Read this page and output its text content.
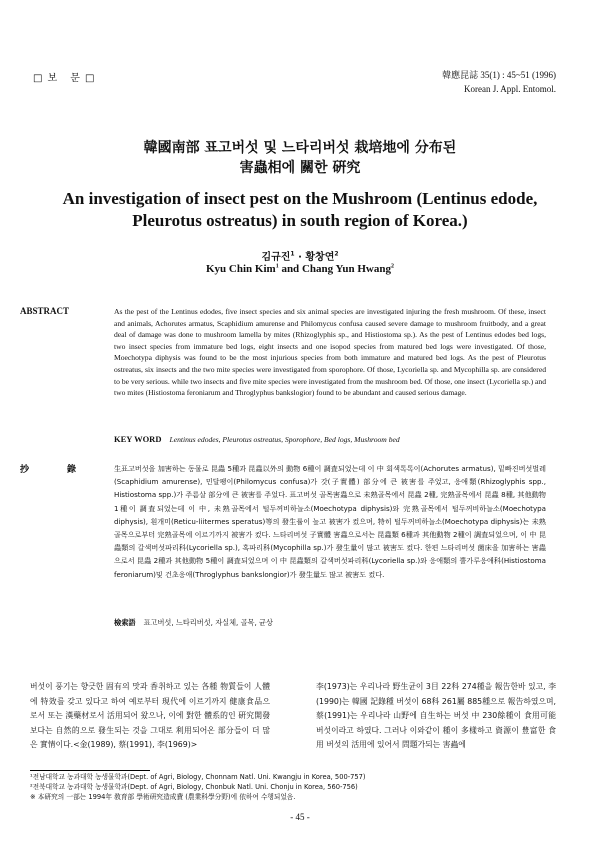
□보 문□	韓應昆誌 35(1) : 45~51 (1996)
Korean J. Appl. Entomol.
韓國南部 표고버섯 및 느타리버섯 栽培地에 分布된
害蟲相에 關한 硏究
An investigation of insect pest on the Mushroom (Lentinus edode,
Pleurotus ostreatus) in south region of Korea.)
김규진$^1$ · 황창연$^2$
Kyu Chin Kim$^1$ and Chang Yun Hwang$^2$
ABSTRACT	As the pest of the Lentinus edodes, five insect species and six animal species are investigated injuring the fresh mushroom. Of these, insect and animals, Achorutes armatus, Scaphidium amurense and Philomycus confusa caused severe damage to mushroom fruitbody, and a great deal of damage was done to mushroom lamella by mites (Rhizoglyphis sp., and Histiostoma sp.). As the pest of Lentinus edodes bed logs, two insect species from immature bed logs, eight insects and one isopod species from matured bed logs were investigated. Of those, Moechotypa diphysis was found to be the most injurious species from both immature and matured bed logs. As the pest of Pleurotus ostreatus, six insects and the two mite species were investigated from sporophore. Of those, Lycoriella sp. and Mycophilla sp. are considered to be very serious. while two insects and five mite species were investigated from the mushroom bed. Of those, one insect (Lycoriella sp.) and two mites (Histiostoma feroniarum and Throglyphus bankslogior) found to be abundant and caused serious damage.
KEY WORD Lentinus edodes, Pleurotus ostreatus, Sporophore, Bed logs, Mushroom bed
抄	錄	生표고버섯을 加害하는 동물로 昆蟲 5種과 昆蟲以外의 動物 6種이 調査되었는데 이 中 회색톡톡이(Achorutes armatus), 밑빠진버섯벌레(Scaphidium amurense), 민달팽이(Philomycus confusa)가 갓(子實體) 部分에 큰 被害를 주었고, 응애類(Rhizoglyphis spp., Histiostoma spp.)가 주름살 部分에 큰 被害를 주었다. 표고버섯 골목害蟲으로 未熟골목에서 昆蟲 2種, 完熟골목에서 昆蟲 8種, 其他動物 1種이 調査되었는데 이 中, 未熟골목에서 털두꺼비하늘소(Moechotypa diphysis)와 完熟골목에서 털두꺼비하늘소(Moechotypa diphysis), 흰개미(Reticu-liitermes speratus)等의 發生률이 높고 被害가 컸으며, 特히 털두꺼비하늘소(Moechotypa diphysis)는 未熟골목으로부터 完熟골목에 이르기까지 被害가 컸다. 느타리버섯 子實體 害蟲으로서는 昆蟲類 6種과 其他動物 2種이 調査되었으며, 이 中 昆蟲類의 갈색버섯파리科(Lycoriella sp.), 혹파리科(Mycophilla sp.)가 發生量이 많고 被害도 컸다. 한편 느타리버섯 菌床을 加害하는 害蟲으로서 昆蟲 2種과 其他動物 5種이 調査되었으며 이 中 昆蟲類의 갈색버섯파리科(Lycoriella sp.)와 응애類의 뿔가루응애科(Histiostoma feroniarum)및 건초응애(Throglyphus bankslongior)가 發生量도 많고 被害도 컸다.
檢索語 표고버섯, 느타리버섯, 자실체, 골목, 균상
버섯이 풍기는 향긋한 固有의 맛과 香취하고 있는 各種 物質들이 人體에 特效를 갖고 있다고 하여 예로부터 現代에 이르기까지 健康食品으로서 또는 漢藥材로서 活用되어 왔으나, 이에 對한 體系的인 硏究開發보다는 自然的으로 發生되는 것을 그대로 利用되어온 部分들이 더 많은 實情이다.<金(1989), 蔡(1991), 李(1969)>
李(1973)는 우리나라 野生균이 3目 22科 274種을 報告한바 있고, 李(1990)는 韓國 記錄種 버섯이 68科 261屬 885種으로 報告하였으며, 蔡(1991)는 우리나라 山野에 自生하는 버섯 中 230餘種이 食用可能 버섯이라고 하였다. 그러나 이와같이 種이 多樣하고 資源이 豊富한 食用 버섯의 活用에 있어서 問題가되는 害蟲에
¹전남대학교 농과대학 농생물학과(Dept. of Agri, Biology, Chonnam Natl. Uni. Kwangju in Korea, 500-757)
²전북대학교 농과대학 농생물학과(Dept. of Agri, Biology, Chonbuk Natl. Uni. Chonju in Korea, 560-756)
※ 本硏究의 一部는 1994年 敎育部 學術硏究造成費 (農業科學分野)에 依하여 수행되었음.
- 45 -
